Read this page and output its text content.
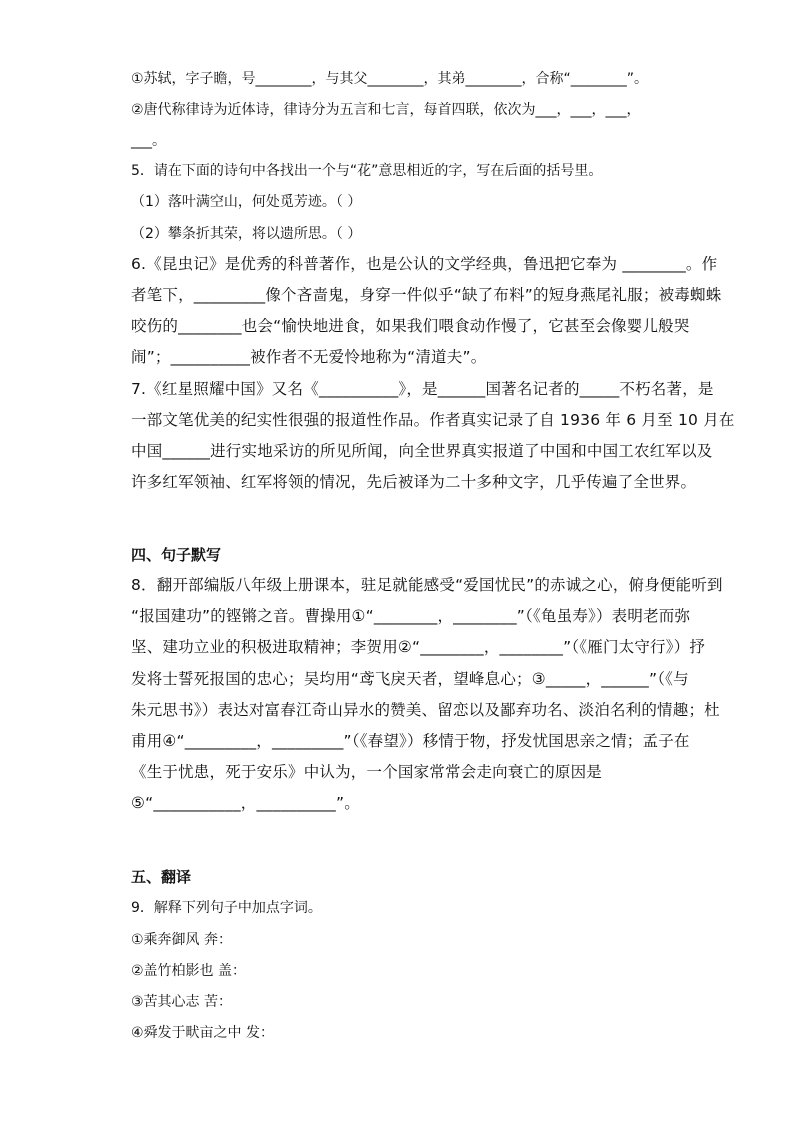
①苏轼，字子瞻，号________，与其父________，其弟________，合称“________”。
②唐代称律诗为近体诗，律诗分为五言和七言，每首四联，依次为___，___，___，
___。
5．请在下面的诗句中各找出一个与“花”意思相近的字，写在后面的括号里。
（1）落叶满空山，何处觅芳迹。（ ）
（2）攀条折其荣，将以遗所思。（ ）
6.《昆虫记》是优秀的科普著作，也是公认的文学经典，鲁迅把它奉为 ________。作
者笔下，_________像个吝啬鬼，身穿一件似乎“缺了布料”的短身燕尾礼服；被毒蜘蛛
咬伤的________也会“愉快地进食，如果我们喂食动作慢了，它甚至会像婴儿般哭
闹”；__________被作者不无爱怜地称为“清道夫”。
7.《红星照耀中国》又名《__________》，是______国著名记者的_____不朽名著，是
一部文笔优美的纪实性很强的报道性作品。作者真实记录了自 1936 年 6 月至 10 月在
中国______进行实地采访的所见所闻，向全世界真实报道了中国和中国工农红军以及
许多红军领袖、红军将领的情况，先后被译为二十多种文字，几乎传遍了全世界。
四、句子默写
8．翻开部编版八年级上册课本，驻足就能感受“爱国忧民”的赤诚之心，俯身便能听到
“报国建功”的铿锵之音。曹操用①“________，________”（《龟虽寿》）表明老而弥
坚、建功立业的积极进取精神；李贺用②“________，________”（《雁门太守行》）抒
发将士誓死报国的忠心；吴均用“鸢飞戾天者，望峰息心；③_____，______”（《与
朱元思书》）表达对富春江奇山异水的赞美、留恋以及鄙弃功名、淡泊名利的情趣；杜
甫用④“_________，_________”（《春望》）移情于物，抒发忧国思亲之情；孟子在
《生于忧患，死于安乐》中认为，一个国家常常会走向衰亡的原因是
⑤“___________，__________”。
五、翻译
9．解释下列句子中加点字词。
①乘奔御风 奔：
②盖竹柏影也 盖：
③苦其心志 苦：
④舜发于畎亩之中 发：
